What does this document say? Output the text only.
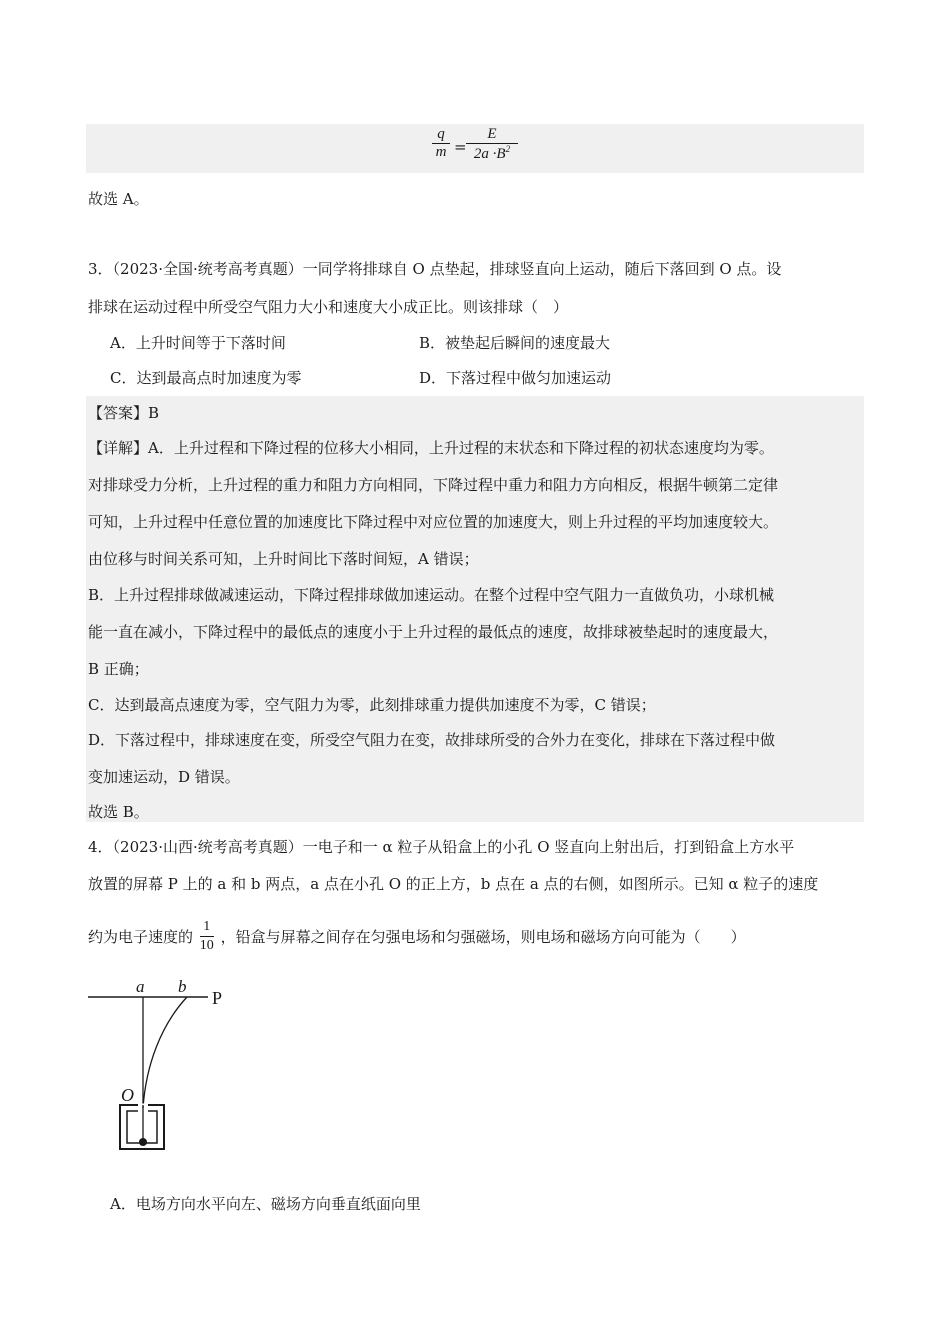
$\frac{q}{m} = \frac{E}{2a \cdot B^2}$
故选 A。
3．（2023·全国·统考高考真题）一同学将排球自 O 点垫起，排球竖直向上运动，随后下落回到 O 点。设
排球在运动过程中所受空气阻力大小和速度大小成正比。则该排球（　）
A．上升时间等于下落时间	B．被垫起后瞬间的速度最大
C．达到最高点时加速度为零	D．下落过程中做匀加速运动
【答案】B
【详解】A．上升过程和下降过程的位移大小相同，上升过程的末状态和下降过程的初状态速度均为零。
对排球受力分析，上升过程的重力和阻力方向相同，下降过程中重力和阻力方向相反，根据牛顿第二定律
可知，上升过程中任意位置的加速度比下降过程中对应位置的加速度大，则上升过程的平均加速度较大。
由位移与时间关系可知，上升时间比下落时间短，A 错误；
B．上升过程排球做减速运动，下降过程排球做加速运动。在整个过程中空气阻力一直做负功，小球机械
能一直在减小，下降过程中的最低点的速度小于上升过程的最低点的速度，故排球被垫起时的速度最大，
B 正确；
C．达到最高点速度为零，空气阻力为零，此刻排球重力提供加速度不为零，C 错误；
D．下落过程中，排球速度在变，所受空气阻力在变，故排球所受的合外力在变化，排球在下落过程中做
变加速运动，D 错误。
故选 B。
4．（2023·山西·统考高考真题）一电子和一 α 粒子从铅盒上的小孔 O 竖直向上射出后，打到铅盒上方水平
放置的屏幕 P 上的 a 和 b 两点，a 点在小孔 O 的正上方，b 点在 a 点的右侧，如图所示。已知 α 粒子的速度
约为电子速度的 $\frac{1}{10}$ ，铅盒与屏幕之间存在匀强电场和匀强磁场，则电场和磁场方向可能为（　　）
a b
P
O
A．电场方向水平向左、磁场方向垂直纸面向里
